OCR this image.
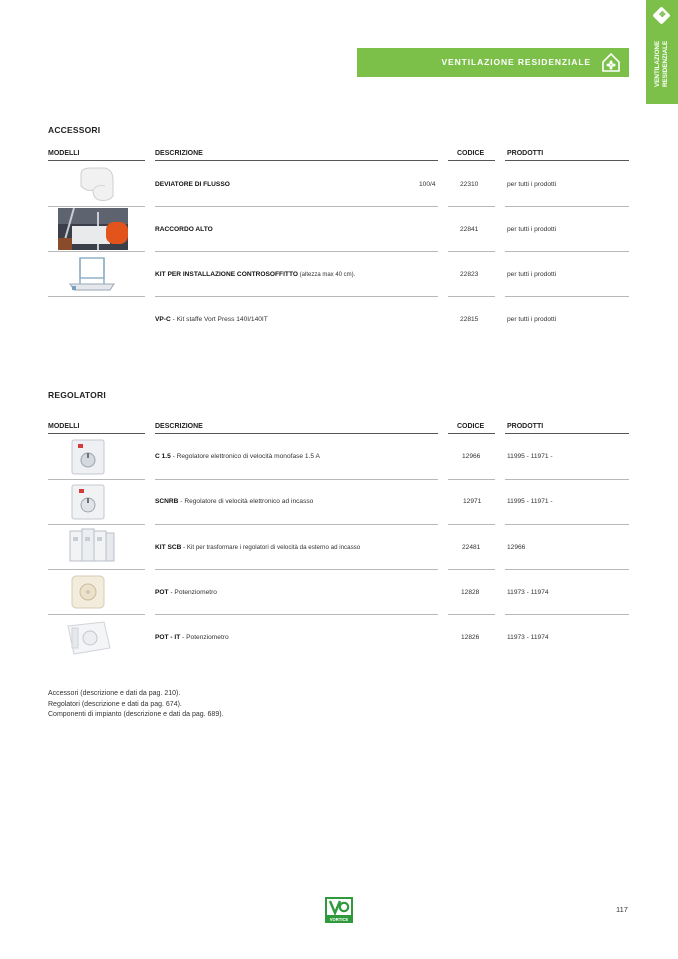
✥
VENTILAZIONE RESIDENZIALE
VENTILAZIONE RESIDENZIALE
ACCESSORI
MODELLI	DESCRIZIONE	CODICE	PRODOTTI
DEVIATORE DI FLUSSO	100/4	22310	per tutti i prodotti
RACCORDO ALTO	22841	per tutti i prodotti
KIT PER INSTALLAZIONE CONTROSOFFITTO (altezza max 40 cm).	22823	per tutti i prodotti
VP-C - Kit staffe Vort Press 140I/140IT	22815	per tutti i prodotti
REGOLATORI
MODELLI	DESCRIZIONE	CODICE	PRODOTTI
C 1.5 - Regolatore elettronico di velocità monofase 1.5 A	12966	11995 - 11971 -
SCNRB - Regolatore di velocità elettronico ad incasso	12971	11995 - 11971 -
KIT SCB - Kit per trasformare i regolatori di velocità da esterno ad incasso	22481	12966
POT - Potenziometro	12828	11973 - 11974
POT - IT - Potenziometro	12826	11973 - 11974
Accessori (descrizione e dati da pag. 210).
Regolatori (descrizione e dati da pag. 674).
Componenti di impianto (descrizione e dati da pag. 689).
VORTICE
117
